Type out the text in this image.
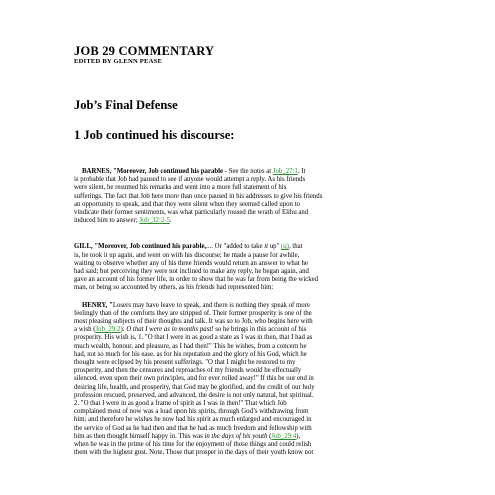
JOB 29 COMMENTARY
EDITED BY GLENN PEASE
Job’s Final Defense
1 Job continued his discourse:
BARNES, "Moreover, Job continued his parable - See the notes at Job_27:1. It
is probable that Job had paused to see if anyone would attempt a reply. As his friends
were silent, he resumed his remarks and went into a more full statement of his
sufferings. The fact that Job here more than once paused in his addresses to give his friends
an opportunity to speak, and that they were silent when they seemed called upon to
vindicate their former sentiments, was what particularly roused the wrath of Elihu and
induced him to answer; Job_32:2-5.
GILL, "Moreover, Job continued his parable,.... Or "added to take it up" (q), that
is, he took it up again, and went on with his discourse; he made a pause for awhile,
waiting to observe whether any of his three friends would return an answer to what he
had said; but perceiving they were not inclined to make any reply, he began again, and
gave an account of his former life, in order to show that he was far from being the wicked
man, or being so accounted by others, as his friends had represented him:
HENRY, "Losers may have leave to speak, and there is nothing they speak of more
feelingly than of the comforts they are stripped of. Their former prosperity is one of the
most pleasing subjects of their thoughts and talk. It was so to Job, who begins here with
a wish (Job_29:2): O that I were as in months past! so he brings in this account of his
prosperity. His wish is, 1. "O that I were in as good a state as I was in then, that I had as
much wealth, honour, and pleasure, as I had then!" This he wishes, from a concern he
had, not so much for his ease, as for his reputation and the glory of his God, which he
thought were eclipsed by his present sufferings. "O that I might be restored to my
prosperity, and then the censures and reproaches of my friends would be effectually
silenced, even upon their own principles, and for ever rolled away!" If this be our end in
desiring life, health, and prosperity, that God may be glorified, and the credit of our holy
profession rescued, preserved, and advanced, the desire is not only natural, but spiritual.
2. "O that I were in as good a frame of spirit as I was in then!" That which Job
complained most of now was a load upon his spirits, through God’s withdrawing from
him; and therefore he wishes he now had his spirit as much enlarged and encouraged in
the service of God as he had then and that he had as much freedom and fellowship with
him as then thought himself happy in. This was in the days of his youth (Job_29:4),
when he was in the prime of his time for the enjoyment of those things and could relish
them with the highest gust. Note, Those that prosper in the days of their youth know not
